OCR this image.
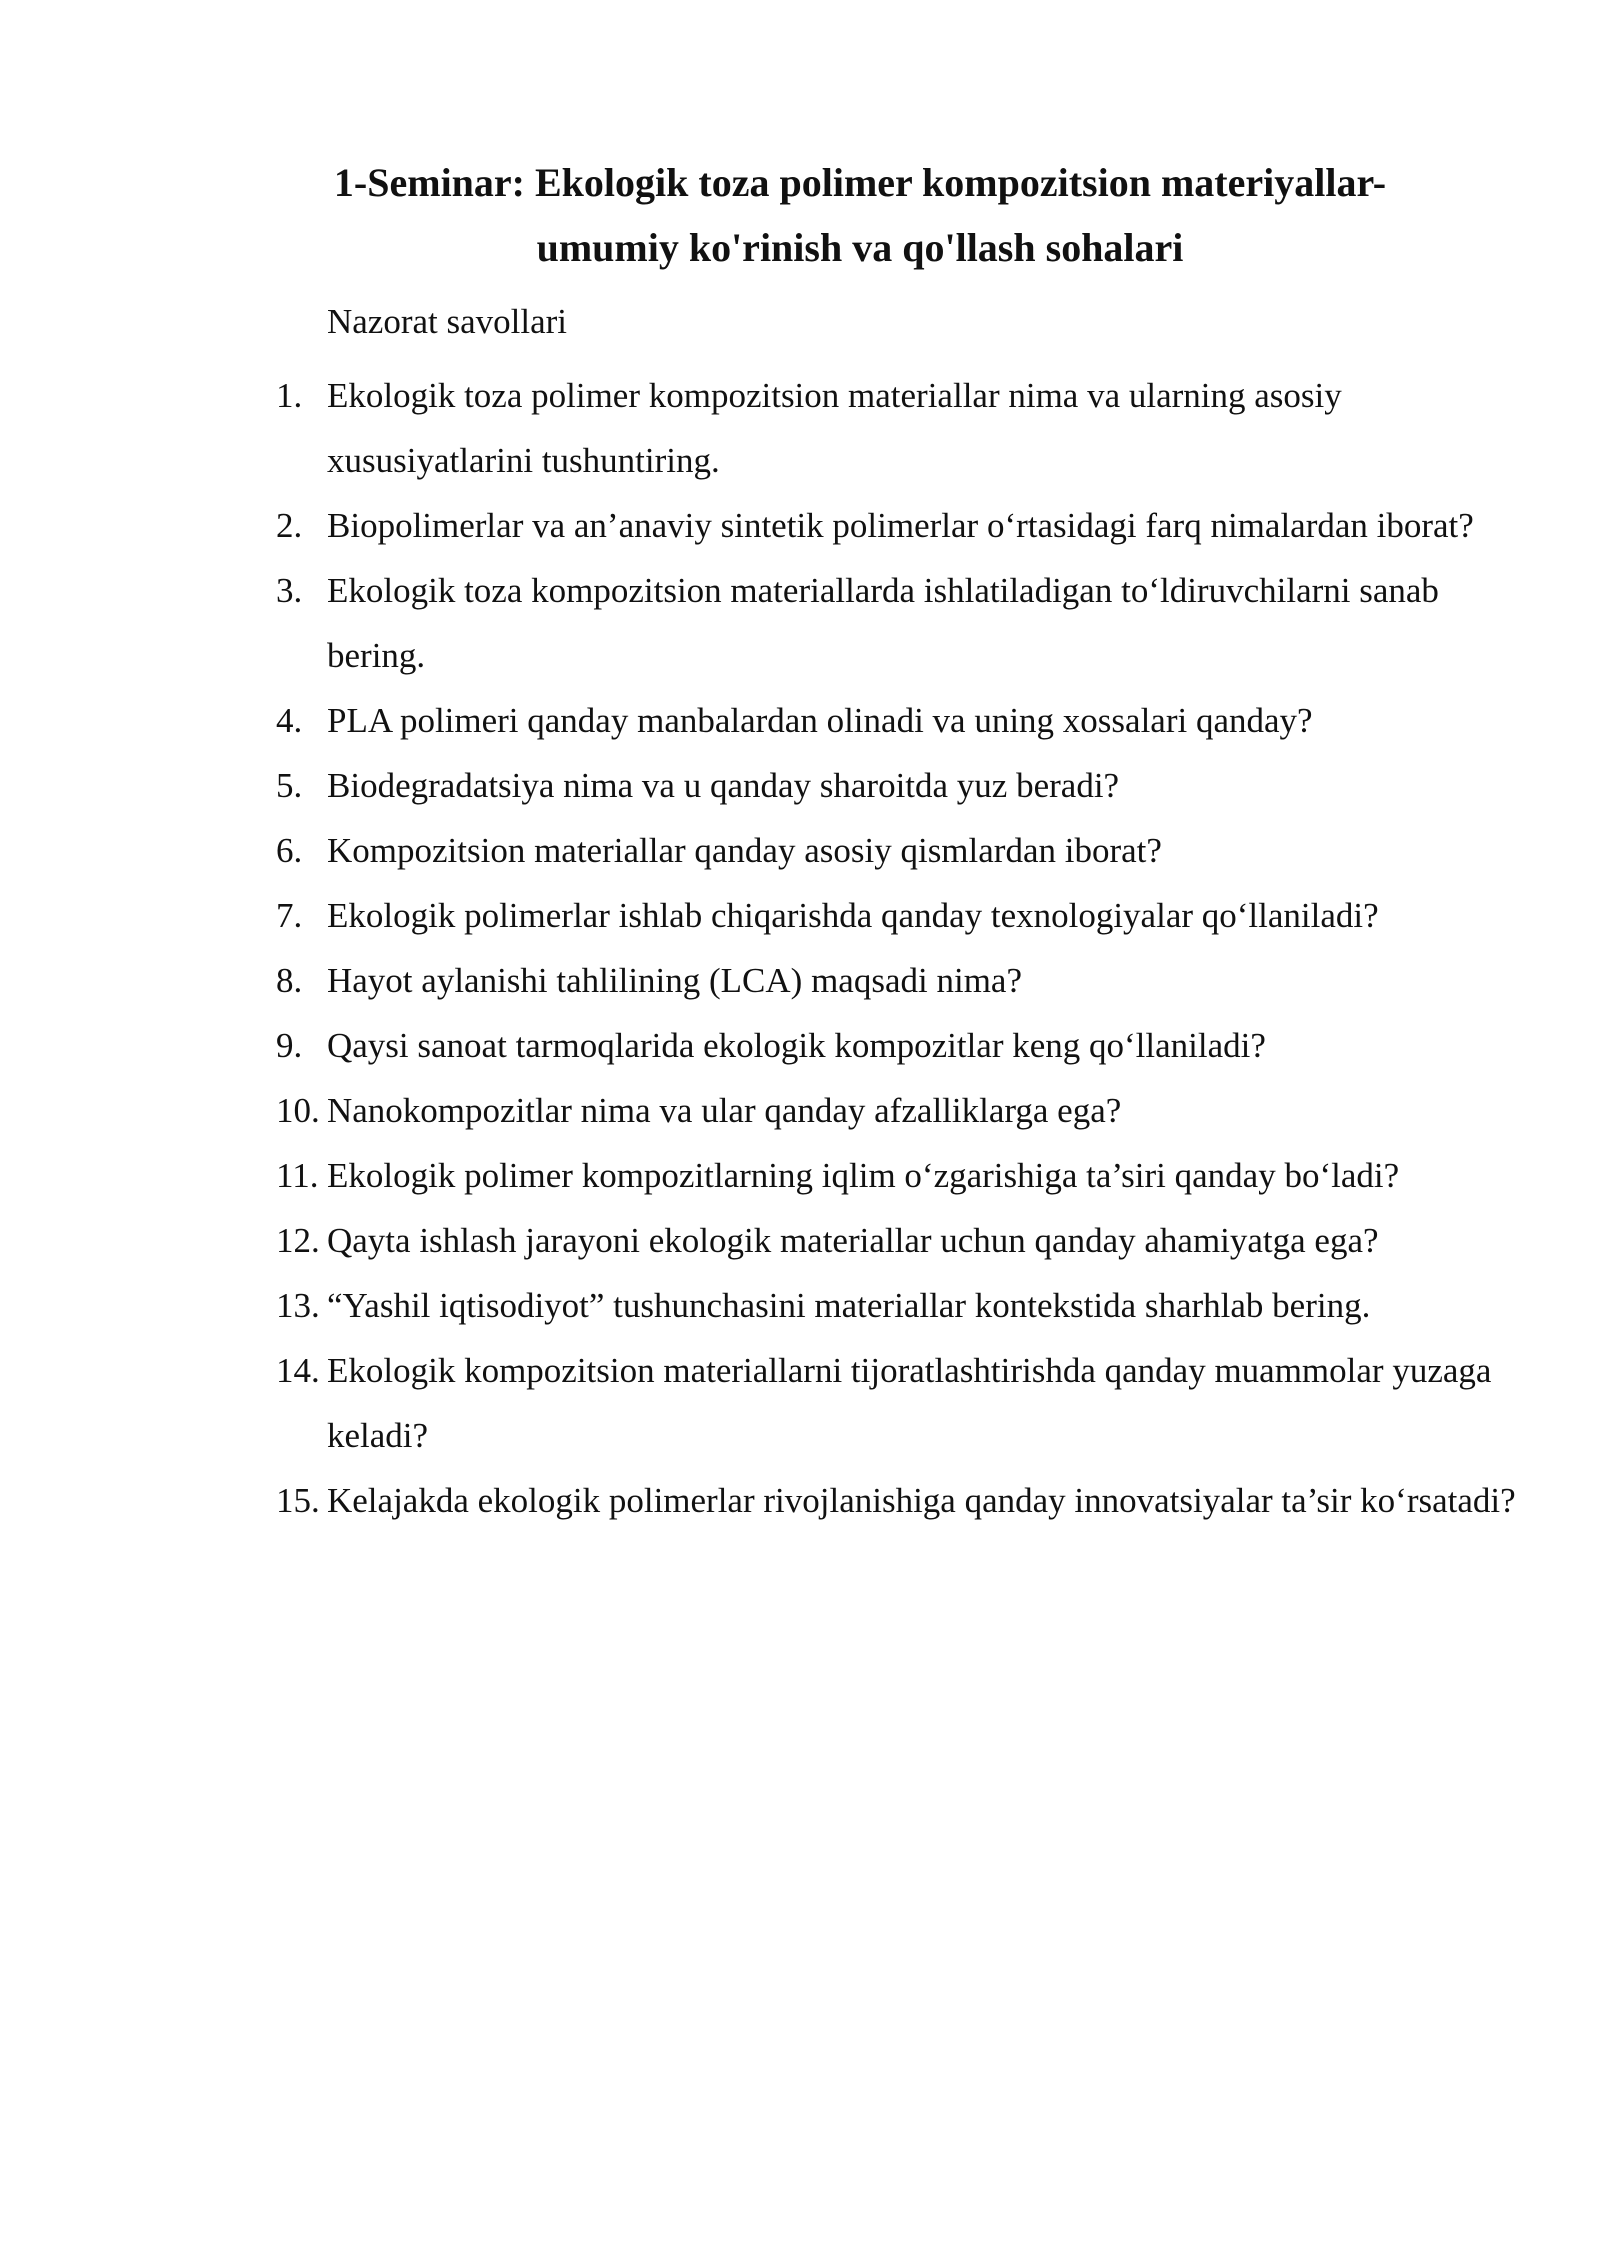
1-Seminar: Ekologik toza polimer kompozitsion materiyallar-
umumiy ko'rinish va qo'llash sohalari

Nazorat savollari

1. Ekologik toza polimer kompozitsion materiallar nima va ularning asosiy xususiyatlarini tushuntiring.
2. Biopolimerlar va an’anaviy sintetik polimerlar o‘rtasidagi farq nimalardan iborat?
3. Ekologik toza kompozitsion materiallarda ishlatiladigan to‘ldiruvchilarni sanab bering.
4. PLA polimeri qanday manbalardan olinadi va uning xossalari qanday?
5. Biodegradatsiya nima va u qanday sharoitda yuz beradi?
6. Kompozitsion materiallar qanday asosiy qismlardan iborat?
7. Ekologik polimerlar ishlab chiqarishda qanday texnologiyalar qo‘llaniladi?
8. Hayot aylanishi tahlilining (LCA) maqsadi nima?
9. Qaysi sanoat tarmoqlarida ekologik kompozitlar keng qo‘llaniladi?
10. Nanokompozitlar nima va ular qanday afzalliklarga ega?
11. Ekologik polimer kompozitlarning iqlim o‘zgarishiga ta’siri qanday bo‘ladi?
12. Qayta ishlash jarayoni ekologik materiallar uchun qanday ahamiyatga ega?
13. “Yashil iqtisodiyot” tushunchasini materiallar kontekstida sharhlab bering.
14. Ekologik kompozitsion materiallarni tijoratlashtirishda qanday muammolar yuzaga keladi?
15. Kelajakda ekologik polimerlar rivojlanishiga qanday innovatsiyalar ta’sir ko‘rsatadi?
